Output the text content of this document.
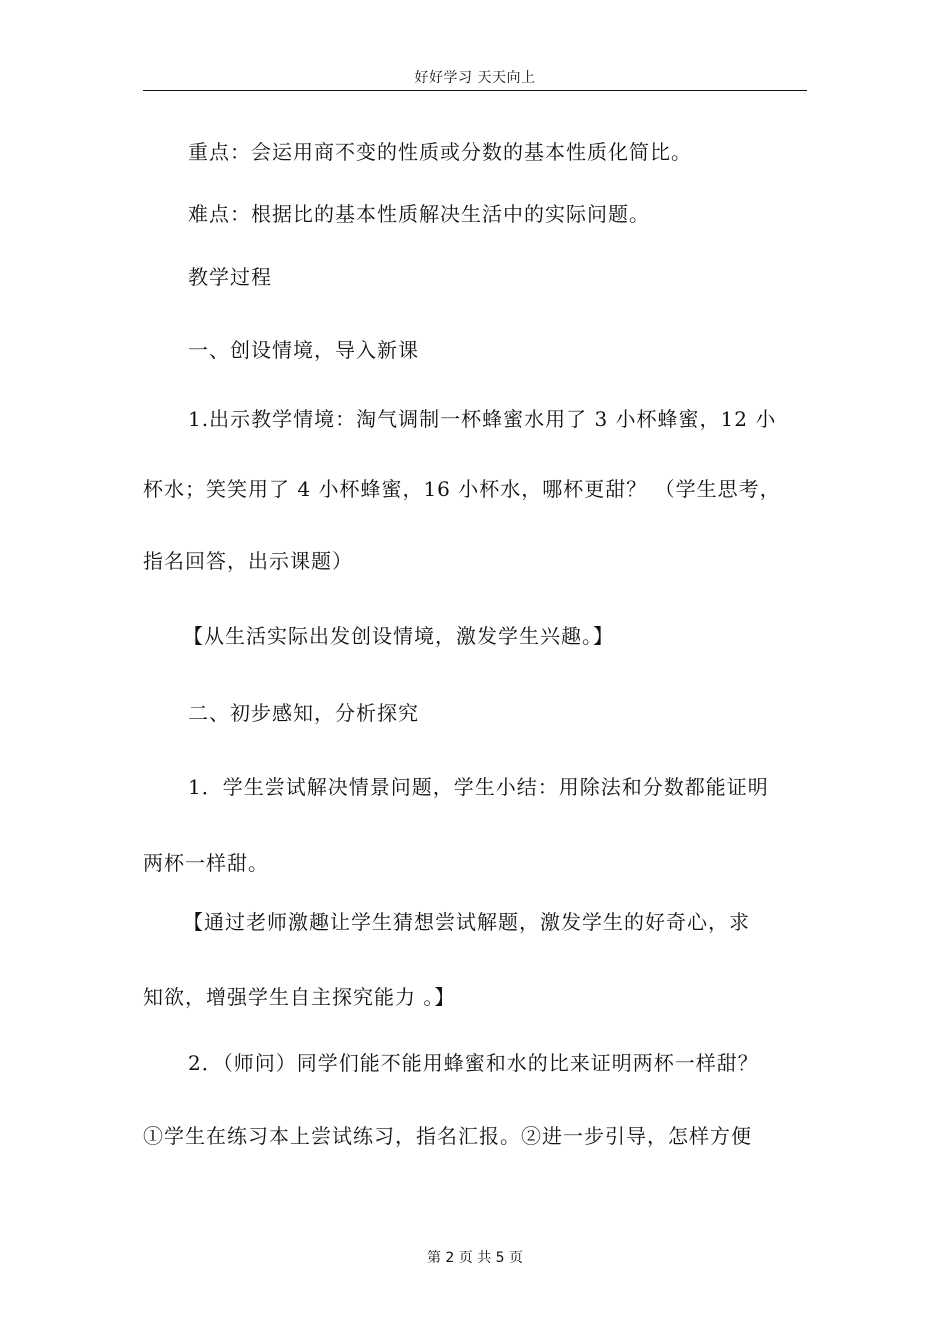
好好学习 天天向上
重点：会运用商不变的性质或分数的基本性质化简比。
难点：根据比的基本性质解决生活中的实际问题。
教学过程
一、创设情境，导入新课
1.出示教学情境：淘气调制一杯蜂蜜水用了 3 小杯蜂蜜，12 小
杯水；笑笑用了 4 小杯蜂蜜，16 小杯水，哪杯更甜？ （学生思考，
指名回答，出示课题）
【从生活实际出发创设情境，激发学生兴趣。】
二、初步感知，分析探究
1．学生尝试解决情景问题，学生小结：用除法和分数都能证明
两杯一样甜。
【通过老师激趣让学生猜想尝试解题，激发学生的好奇心，求
知欲，增强学生自主探究能力 。】
2．（师问）同学们能不能用蜂蜜和水的比来证明两杯一样甜？
①学生在练习本上尝试练习，指名汇报。②进一步引导，怎样方便
第 2 页 共 5 页
